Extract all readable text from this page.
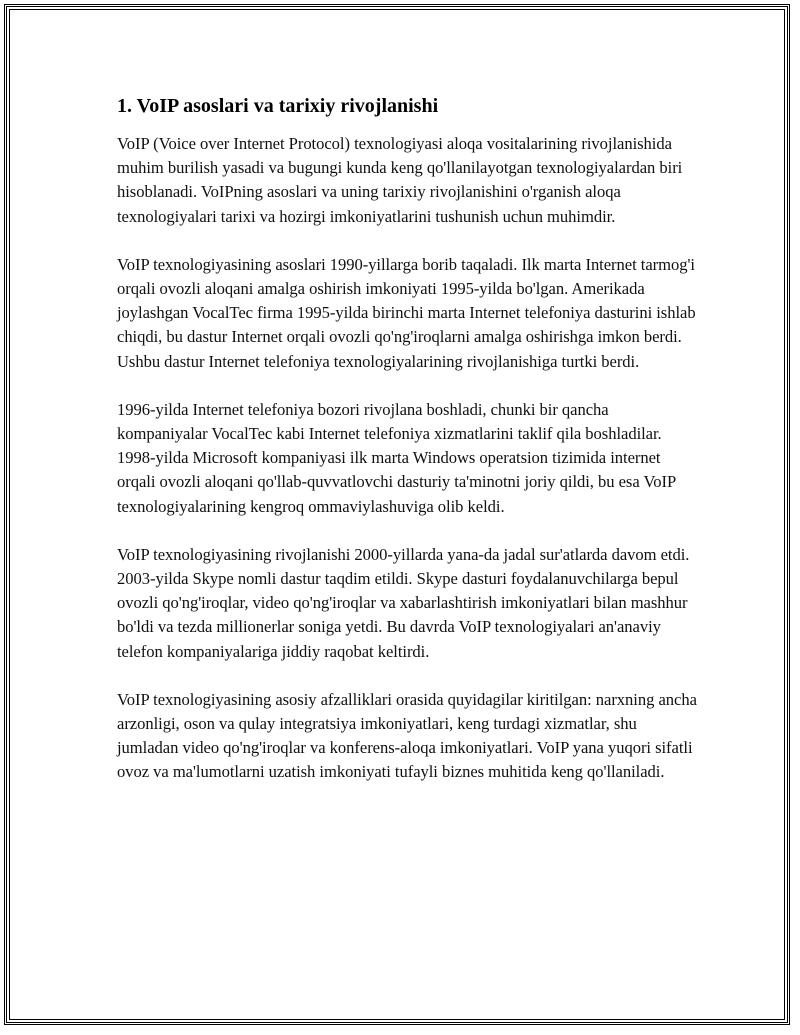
1. VoIP asoslari va tarixiy rivojlanishi

VoIP (Voice over Internet Protocol) texnologiyasi aloqa vositalarining rivojlanishida muhim burilish yasadi va bugungi kunda keng qo'llanilayotgan texnologiyalardan biri hisoblanadi. VoIPning asoslari va uning tarixiy rivojlanishini o'rganish aloqa texnologiyalari tarixi va hozirgi imkoniyatlarini tushunish uchun muhimdir.

VoIP texnologiyasining asoslari 1990-yillarga borib taqaladi. Ilk marta Internet tarmog'i orqali ovozli aloqani amalga oshirish imkoniyati 1995-yilda bo'lgan. Amerikada joylashgan VocalTec firma 1995-yilda birinchi marta Internet telefoniya dasturini ishlab chiqdi, bu dastur Internet orqali ovozli qo'ng'iroqlarni amalga oshirishga imkon berdi. Ushbu dastur Internet telefoniya texnologiyalarining rivojlanishiga turtki berdi.

1996-yilda Internet telefoniya bozori rivojlana boshladi, chunki bir qancha kompaniyalar VocalTec kabi Internet telefoniya xizmatlarini taklif qila boshladilar. 1998-yilda Microsoft kompaniyasi ilk marta Windows operatsion tizimida internet orqali ovozli aloqani qo'llab-quvvatlovchi dasturiy ta'minotni joriy qildi, bu esa VoIP texnologiyalarining kengroq ommaviylashuviga olib keldi.

VoIP texnologiyasining rivojlanishi 2000-yillarda yana-da jadal sur'atlarda davom etdi. 2003-yilda Skype nomli dastur taqdim etildi. Skype dasturi foydalanuvchilarga bepul ovozli qo'ng'iroqlar, video qo'ng'iroqlar va xabarlashtirish imkoniyatlari bilan mashhur bo'ldi va tezda millionerlar soniga yetdi. Bu davrda VoIP texnologiyalari an'anaviy telefon kompaniyalariga jiddiy raqobat keltirdi.

VoIP texnologiyasining asosiy afzalliklari orasida quyidagilar kiritilgan: narxning ancha arzonligi, oson va qulay integratsiya imkoniyatlari, keng turdagi xizmatlar, shu jumladan video qo'ng'iroqlar va konferens-aloqa imkoniyatlari. VoIP yana yuqori sifatli ovoz va ma'lumotlarni uzatish imkoniyati tufayli biznes muhitida keng qo'llaniladi.
